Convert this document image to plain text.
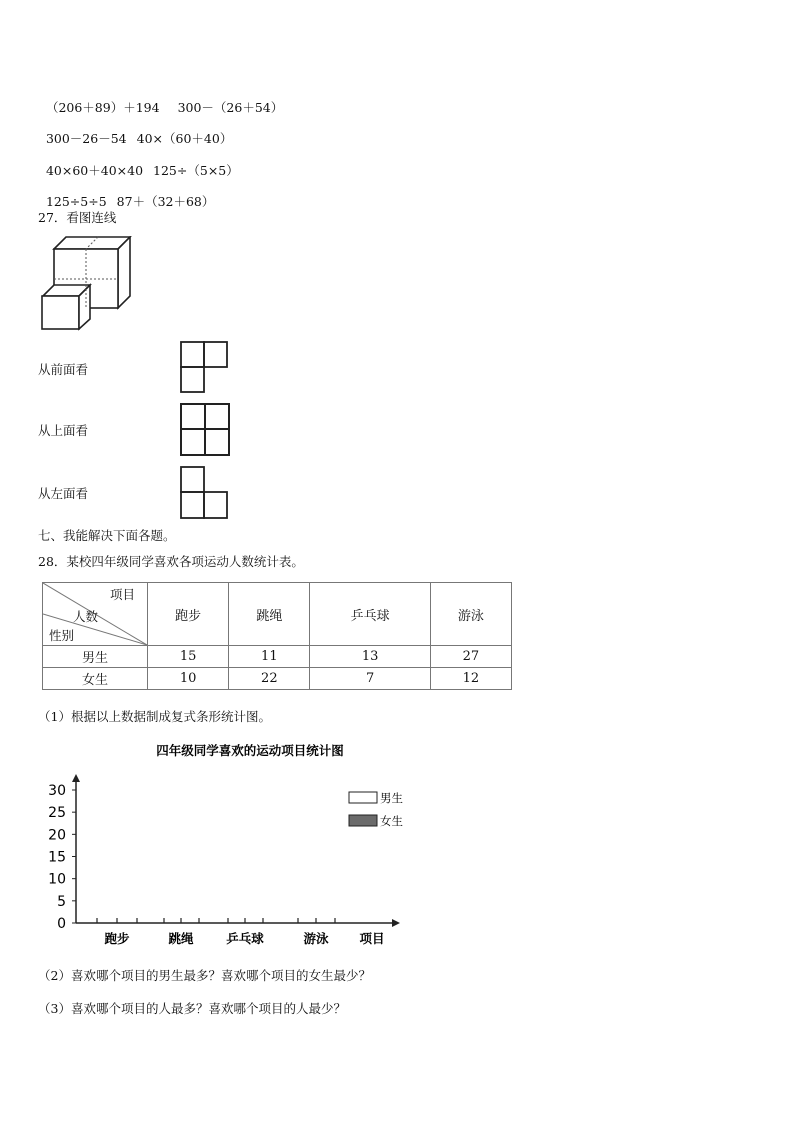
（206＋89）＋194 300－（26＋54）

300－26－54 40×（60＋40）

40×60＋40×40 125÷（5×5）

125÷5÷5 87＋（32＋68）

27．看图连线
从前面看
从上面看
从左面看
七、我能解决下面各题。
28．某校四年级同学喜欢各项运动人数统计表。
项目
人数
性别	跑步	跳绳	乒乓球	游泳
男生	15	11	13	27
女生	10	22	7	12
（1）根据以上数据制成复式条形统计图。
四年级同学喜欢的运动项目统计图
0
5
10
15
20
25
30
跑步	跳绳	乒乓球	游泳 项目
男生
女生
（2）喜欢哪个项目的男生最多？喜欢哪个项目的女生最少？
（3）喜欢哪个项目的人最多？喜欢哪个项目的人最少？
